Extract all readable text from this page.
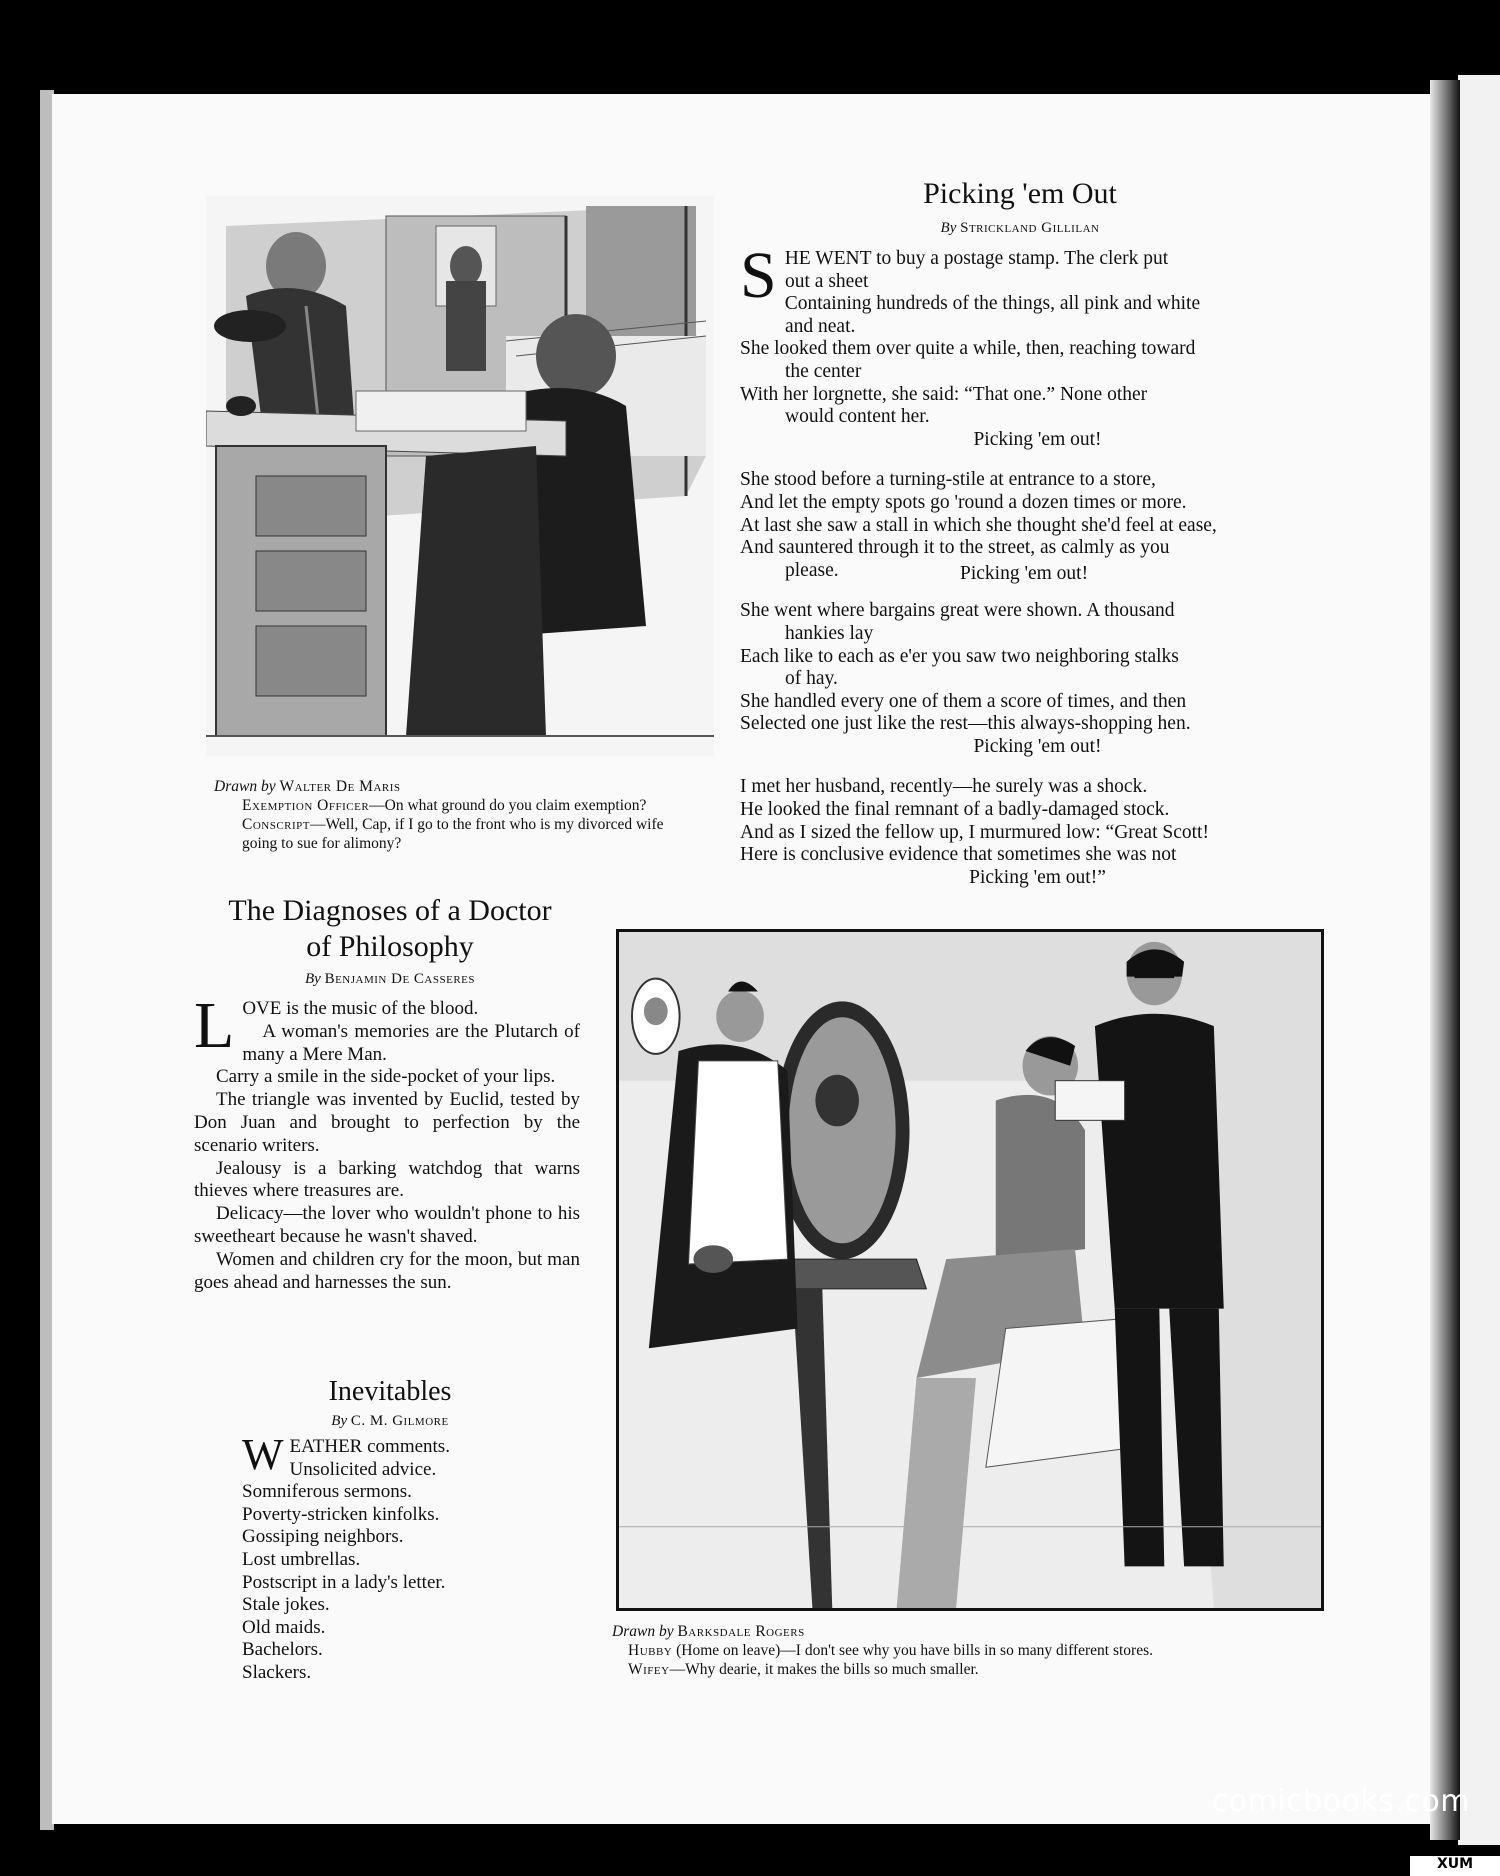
Drawn by Walter De Maris
Exemption Officer—On what ground do you claim exemption?
Conscript—Well, Cap, if I go to the front who is my divorced wife going to sue for alimony?
Picking 'em Out
By Strickland Gillilan
S HE WENT to buy a postage stamp. The clerk put
out a sheet
Containing hundreds of the things, all pink and white
and neat.
She looked them over quite a while, then, reaching toward
the center
With her lorgnette, she said: “That one.” None other
would content her.
Picking 'em out!
She stood before a turning-stile at entrance to a store,
And let the empty spots go 'round a dozen times or more.
At last she saw a stall in which she thought she'd feel at ease,
And sauntered through it to the street, as calmly as you
please.	Picking 'em out!
She went where bargains great were shown. A thousand
hankies lay
Each like to each as e'er you saw two neighboring stalks
of hay.
She handled every one of them a score of times, and then
Selected one just like the rest—this always-shopping hen.
Picking 'em out!
I met her husband, recently—he surely was a shock.
He looked the final remnant of a badly-damaged stock.
And as I sized the fellow up, I murmured low: “Great Scott!
Here is conclusive evidence that sometimes she was not
Picking 'em out!”
The Diagnoses of a Doctor
of Philosophy
By Benjamin De Casseres
L OVE is the music of the blood.
A woman's memories are the Plutarch of many a Mere Man.
Carry a smile in the side-pocket of your lips.
The triangle was invented by Euclid, tested by Don Juan and brought to perfection by the scenario writers.
Jealousy is a barking watchdog that warns thieves where treasures are.
Delicacy—the lover who wouldn't phone to his sweetheart because he wasn't shaved.
Women and children cry for the moon, but man goes ahead and harnesses the sun.
Inevitables
By C. M. Gilmore
W EATHER comments.
Unsolicited advice.
Somniferous sermons.
Poverty-stricken kinfolks.
Gossiping neighbors.
Lost umbrellas.
Postscript in a lady's letter.
Stale jokes.
Old maids.
Bachelors.
Slackers.
Drawn by Barksdale Rogers
Hubby (Home on leave)—I don't see why you have bills in so many different stores.
Wifey—Why dearie, it makes the bills so much smaller.
comicbooks.com
XUM
